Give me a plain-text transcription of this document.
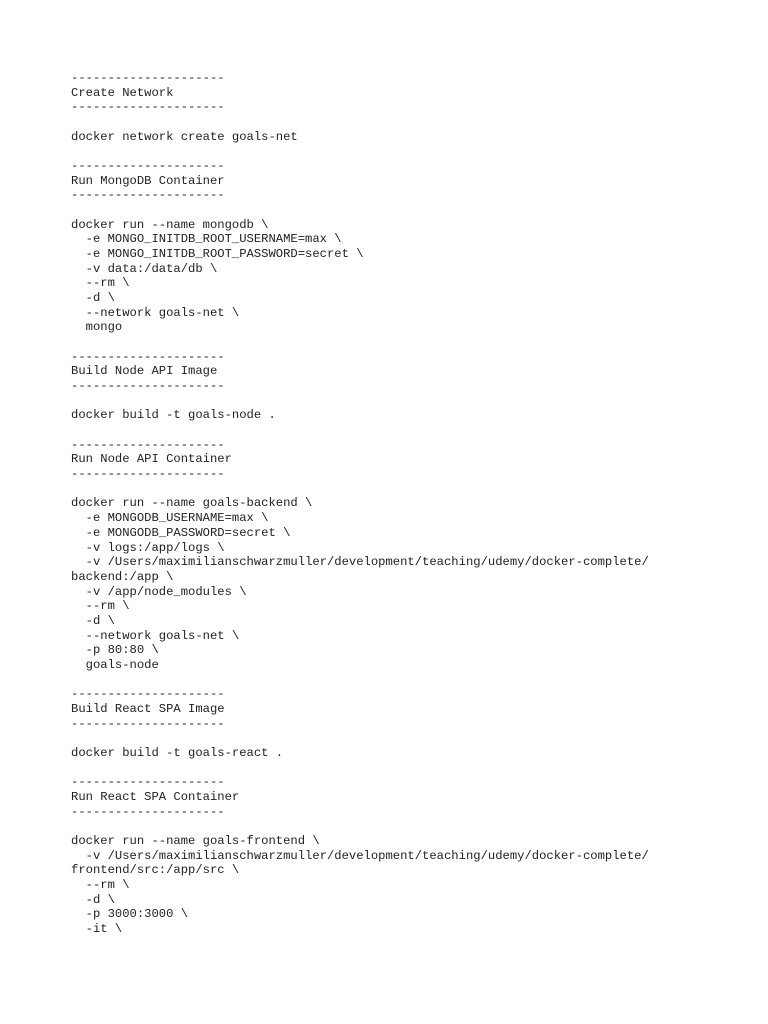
---------------------
Create Network
---------------------
docker network create goals-net
---------------------
Run MongoDB Container
---------------------
docker run --name mongodb \
-e MONGO_INITDB_ROOT_USERNAME=max \
-e MONGO_INITDB_ROOT_PASSWORD=secret \
-v data:/data/db \
--rm \
-d \
--network goals-net \
mongo
---------------------
Build Node API Image
---------------------
docker build -t goals-node .
---------------------
Run Node API Container
---------------------
docker run --name goals-backend \
-e MONGODB_USERNAME=max \
-e MONGODB_PASSWORD=secret \
-v logs:/app/logs \
-v /Users/maximilianschwarzmuller/development/teaching/udemy/docker-complete/
backend:/app \
-v /app/node_modules \
--rm \
-d \
--network goals-net \
-p 80:80 \
goals-node
---------------------
Build React SPA Image
---------------------
docker build -t goals-react .
---------------------
Run React SPA Container
---------------------
docker run --name goals-frontend \
-v /Users/maximilianschwarzmuller/development/teaching/udemy/docker-complete/
frontend/src:/app/src \
--rm \
-d \
-p 3000:3000 \
-it \
